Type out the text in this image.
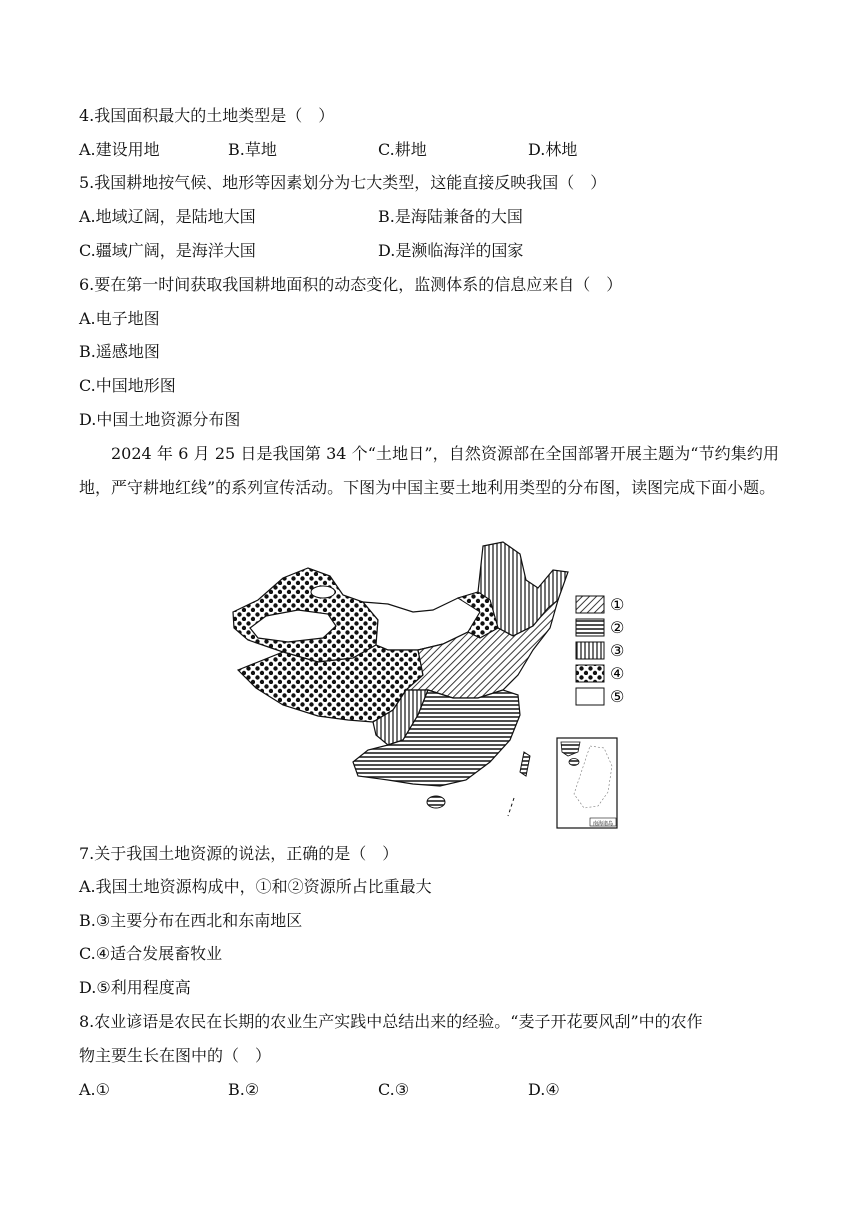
4.我国面积最大的土地类型是（　）
A.建设用地	B.草地	C.耕地	D.林地
5.我国耕地按气候、地形等因素划分为七大类型，这能直接反映我国（　）
A.地域辽阔，是陆地大国	B.是海陆兼备的大国
C.疆域广阔，是海洋大国	D.是濒临海洋的国家
6.要在第一时间获取我国耕地面积的动态变化，监测体系的信息应来自（　）
A.电子地图
B.遥感地图
C.中国地形图
D.中国土地资源分布图
2024 年 6 月 25 日是我国第 34 个“土地日”，自然资源部在全国部署开展主题为“节约集约用地，严守耕地红线”的系列宣传活动。下图为中国主要土地利用类型的分布图，读图完成下面小题。
①
②
③
④
⑤
南海诸岛
7.关于我国土地资源的说法，正确的是（　）
A.我国土地资源构成中，①和②资源所占比重最大
B.③主要分布在西北和东南地区
C.④适合发展畜牧业
D.⑤利用程度高
8.农业谚语是农民在长期的农业生产实践中总结出来的经验。“麦子开花要风刮”中的农作
物主要生长在图中的（　）
A.①	B.②	C.③	D.④
